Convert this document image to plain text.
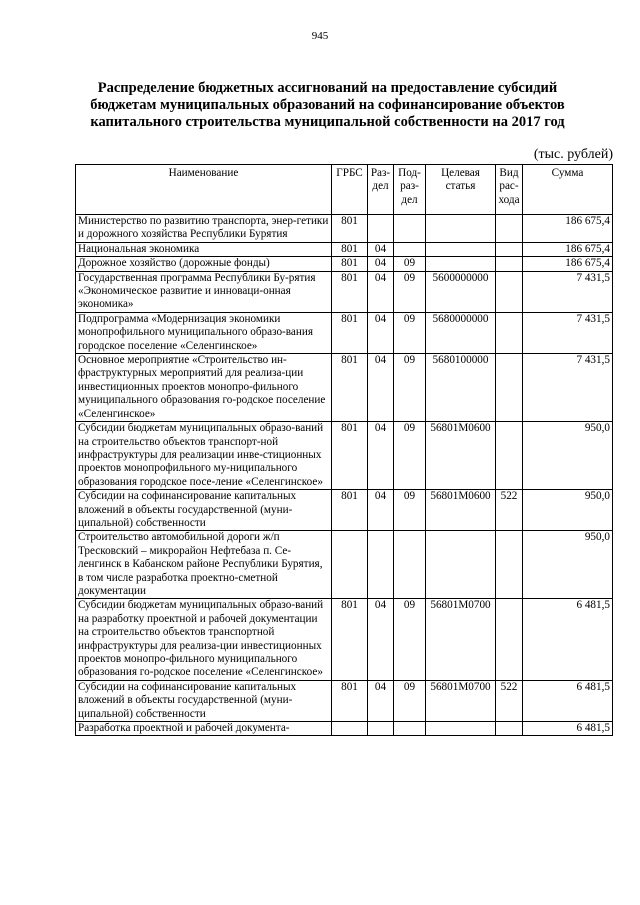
945
Распределение бюджетных ассигнований на предоставление субсидий
бюджетам муниципальных образований на софинансирование объектов
капитального строительства муниципальной собственности на 2017 год
(тыс. рублей)
Наименование	ГРБС	Раз-дел	Под-раз-дел	Целевая статья	Вид рас-хода	Сумма
Министерство по развитию транспорта, энер-гетики и дорожного хозяйства Республики Бурятия	801					186 675,4
Национальная экономика	801	04				186 675,4
Дорожное хозяйство (дорожные фонды)	801	04	09			186 675,4
Государственная программа Республики Бу-рятия «Экономическое развитие и инноваци-онная экономика»	801	04	09	5600000000		7 431,5
Подпрограмма «Модернизация экономики монопрофильного муниципального образо-вания городское поселение «Селенгинское»	801	04	09	5680000000		7 431,5
Основное мероприятие «Строительство ин-фраструктурных мероприятий для реализа-ции инвестиционных проектов монопро-фильного муниципального образования го-родское поселение «Селенгинское»	801	04	09	5680100000		7 431,5
Субсидии бюджетам муниципальных образо-ваний на строительство объектов транспорт-ной инфраструктуры для реализации инве-стиционных проектов монопрофильного му-ниципального образования городское посе-ление «Селенгинское»	801	04	09	56801М0600		950,0
Субсидии на софинансирование капитальных вложений в объекты государственной (муни-ципальной) собственности	801	04	09	56801М0600	522	950,0
Строительство автомобильной дороги ж/п Тресковский – микрорайон Нефтебаза п. Се-ленгинск в Кабанском районе Республики Бурятия, в том числе разработка проектно-сметной документации						950,0
Субсидии бюджетам муниципальных образо-ваний на разработку проектной и рабочей документации на строительство объектов транспортной инфраструктуры для реализа-ции инвестиционных проектов монопро-фильного муниципального образования го-родское поселение «Селенгинское»	801	04	09	56801М0700		6 481,5
Субсидии на софинансирование капитальных вложений в объекты государственной (муни-ципальной) собственности	801	04	09	56801М0700	522	6 481,5
Разработка проектной и рабочей документа-						6 481,5
